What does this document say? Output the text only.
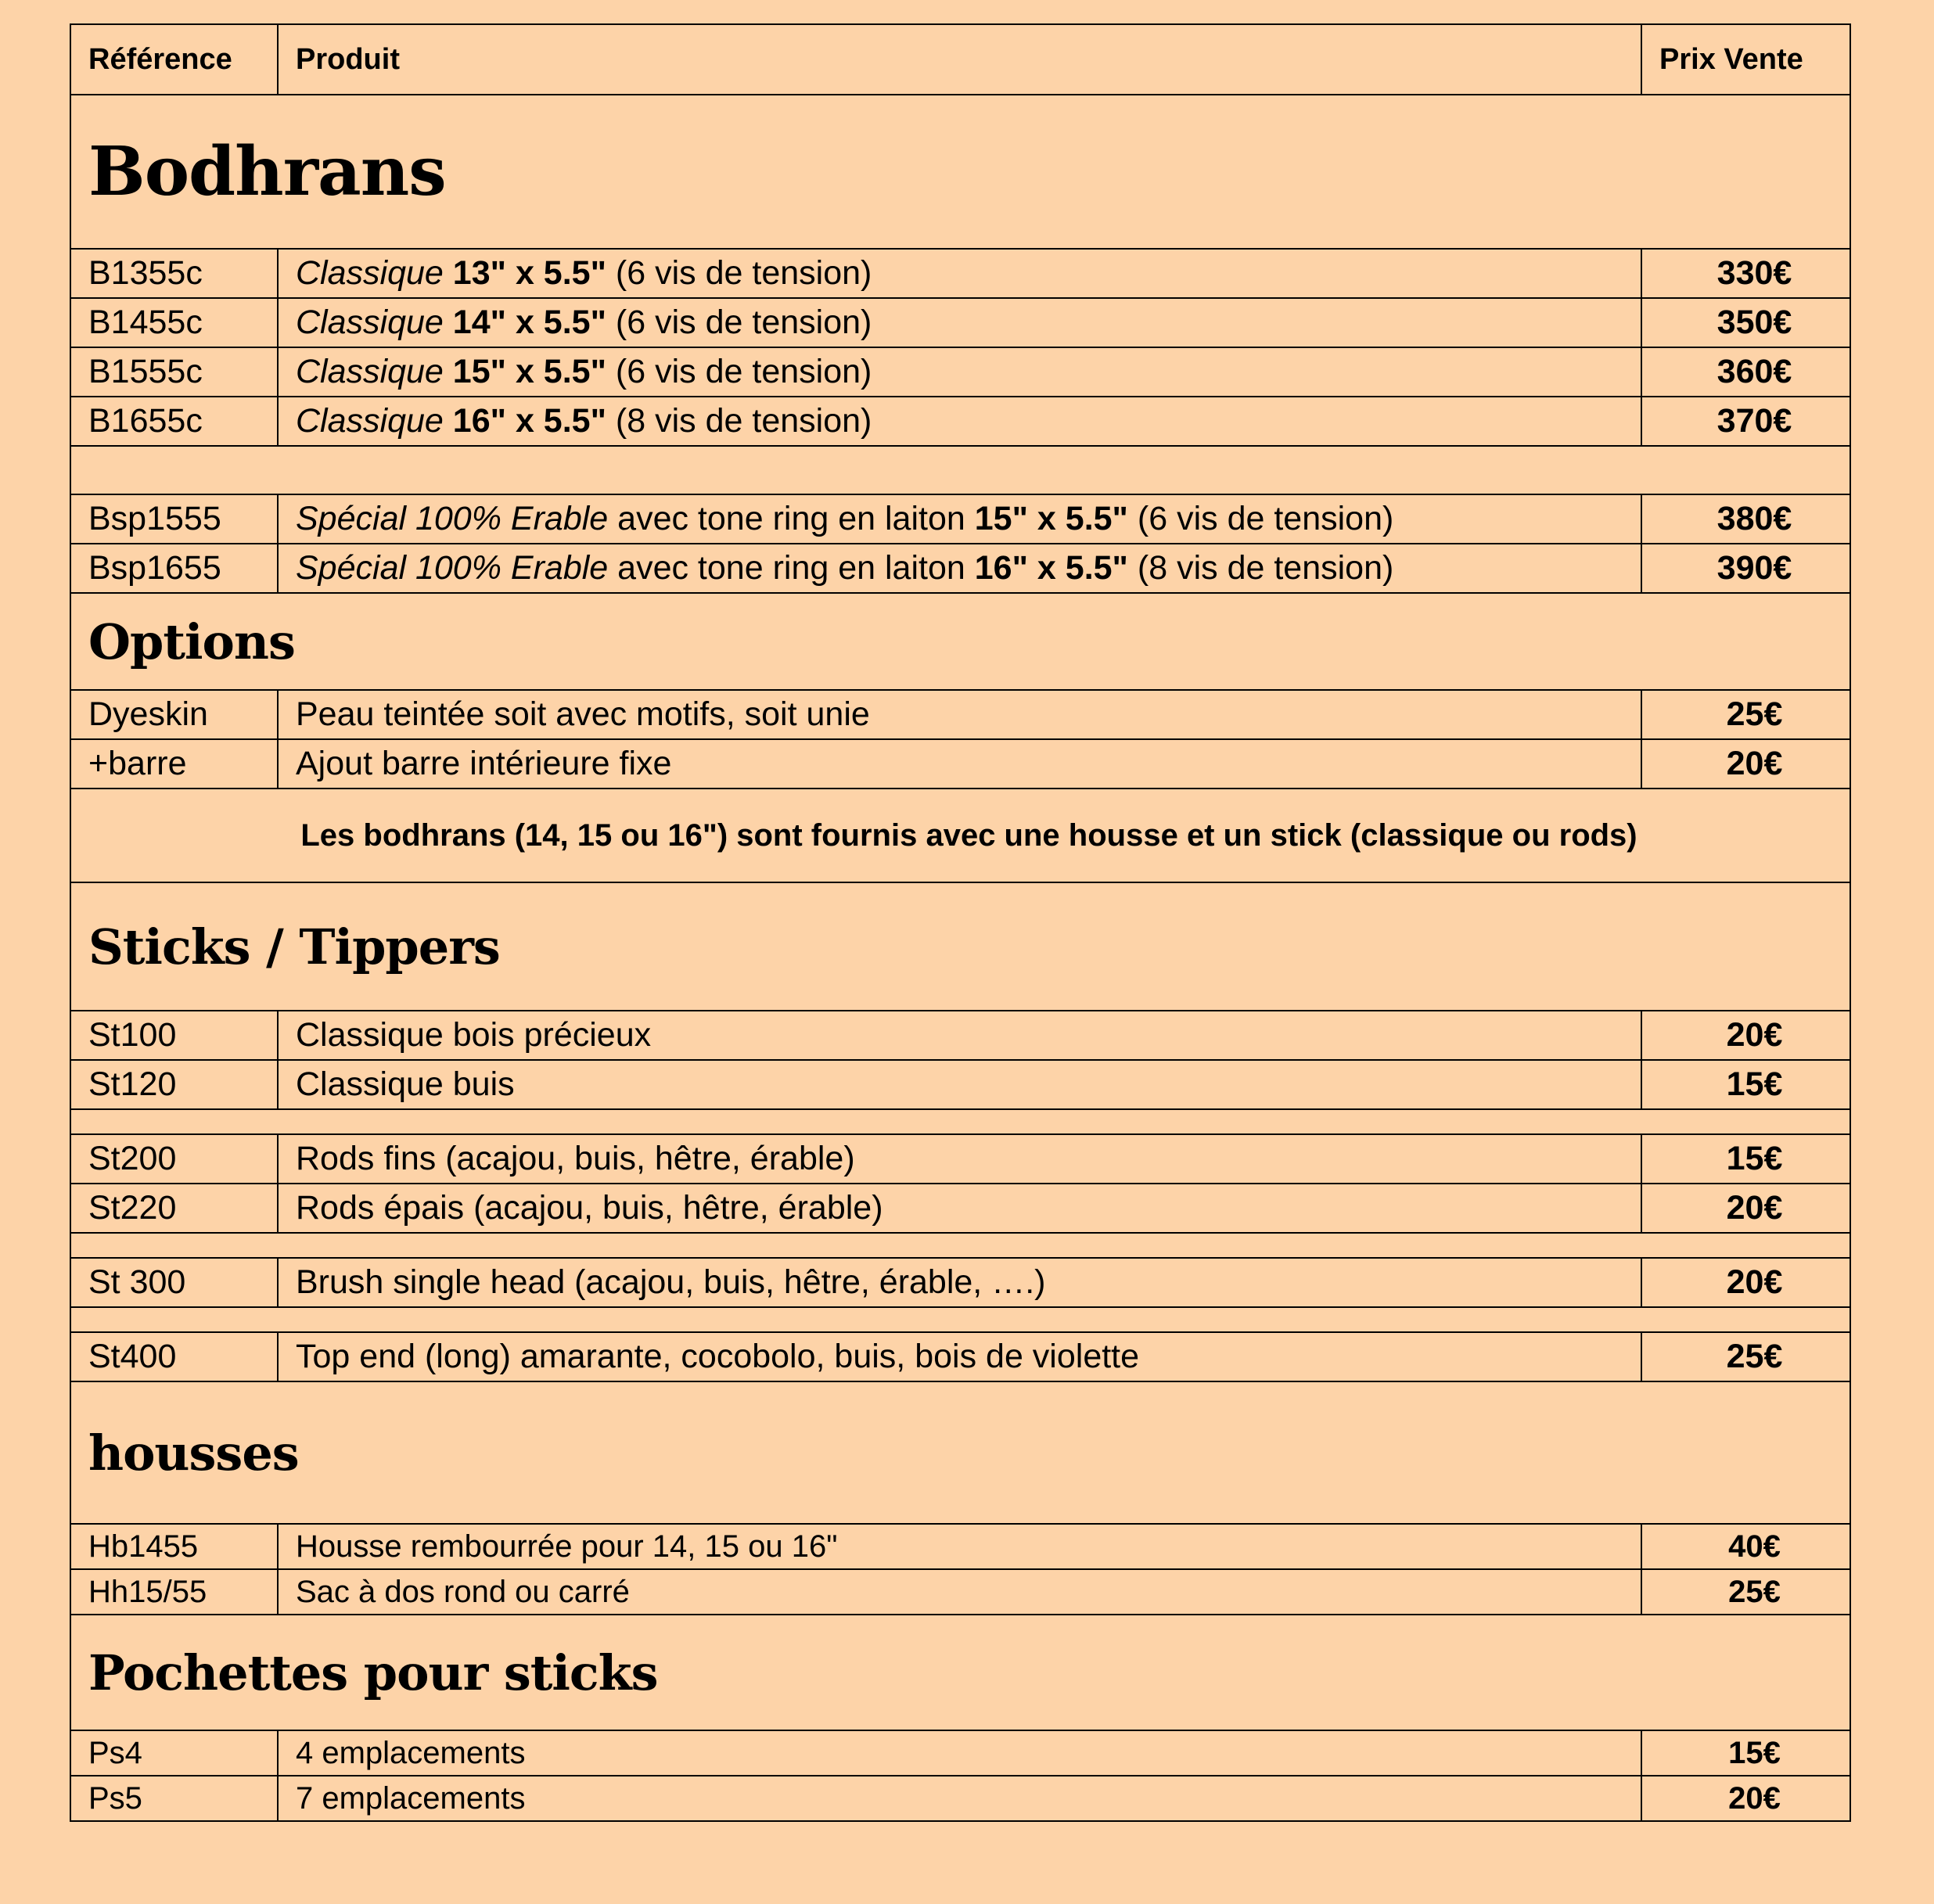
Référence	Produit	Prix Vente
Bodhrans		
B1355c	Classique 13" x 5.5" (6 vis de tension)	330€
B1455c	Classique 14" x 5.5" (6 vis de tension)	350€
B1555c	Classique 15" x 5.5" (6 vis de tension)	360€
B1655c	Classique 16" x 5.5" (8 vis de tension)	370€

Bsp1555	Spécial 100% Erable avec tone ring en laiton 15" x 5.5" (6 vis de tension)	380€
Bsp1655	Spécial 100% Erable avec tone ring en laiton 16" x 5.5" (8 vis de tension)	390€
Options		
Dyeskin	Peau teintée soit avec motifs, soit unie	25€
+barre	Ajout barre intérieure fixe	20€
Les bodhrans (14, 15 ou 16") sont fournis avec une housse et un stick (classique ou rods)		
Sticks / Tippers		
St100	Classique bois précieux	20€
St120	Classique buis	15€

St200	Rods fins (acajou, buis, hêtre, érable)	15€
St220	Rods épais (acajou, buis, hêtre, érable)	20€

St 300	Brush single head (acajou, buis, hêtre, érable, ….)	20€

St400	Top end (long) amarante, cocobolo, buis, bois de violette	25€
housses		
Hb1455	Housse rembourrée pour 14, 15 ou 16"	40€
Hh15/55	Sac à dos rond ou carré	25€
Pochettes pour sticks		
Ps4	4 emplacements	15€
Ps5	7 emplacements	20€
